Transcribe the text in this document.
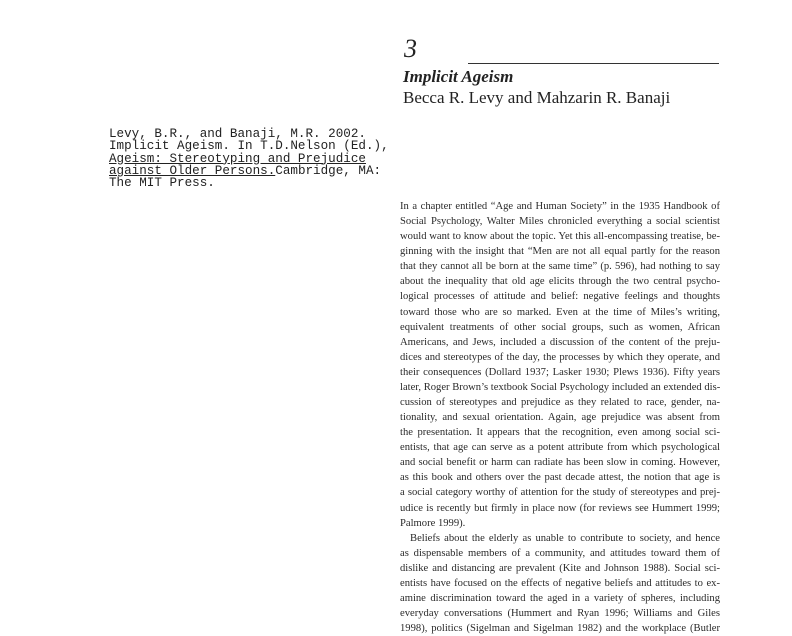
3
Implicit Ageism
Becca R. Levy and Mahzarin R. Banaji
Levy, B.R., and Banaji, M.R. 2002.
Implicit Ageism. In T.D.Nelson (Ed.),
Ageism: Stereotyping and Prejudice
against Older Persons.Cambridge, MA:
The MIT Press.
In a chapter entitled “Age and Human Society” in the 1935 Handbook of
Social Psychology, Walter Miles chronicled everything a social scientist
would want to know about the topic. Yet this all-encompassing treatise, be-
ginning with the insight that “Men are not all equal partly for the reason
that they cannot all be born at the same time” (p. 596), had nothing to say
about the inequality that old age elicits through the two central psycho-
logical processes of attitude and belief: negative feelings and thoughts
toward those who are so marked. Even at the time of Miles’s writing,
equivalent treatments of other social groups, such as women, African
Americans, and Jews, included a discussion of the content of the preju-
dices and stereotypes of the day, the processes by which they operate, and
their consequences (Dollard 1937; Lasker 1930; Plews 1936). Fifty years
later, Roger Brown’s textbook Social Psychology included an extended dis-
cussion of stereotypes and prejudice as they related to race, gender, na-
tionality, and sexual orientation. Again, age prejudice was absent from
the presentation. It appears that the recognition, even among social sci-
entists, that age can serve as a potent attribute from which psychological
and social benefit or harm can radiate has been slow in coming. However,
as this book and others over the past decade attest, the notion that age is
a social category worthy of attention for the study of stereotypes and prej-
udice is recently but firmly in place now (for reviews see Hummert 1999;
Palmore 1999).
Beliefs about the elderly as unable to contribute to society, and hence
as dispensable members of a community, and attitudes toward them of
dislike and distancing are prevalent (Kite and Johnson 1988). Social sci-
entists have focused on the effects of negative beliefs and attitudes to ex-
amine discrimination toward the aged in a variety of spheres, including
everyday conversations (Hummert and Ryan 1996; Williams and Giles
1998), politics (Sigelman and Sigelman 1982) and the workplace (Butler
